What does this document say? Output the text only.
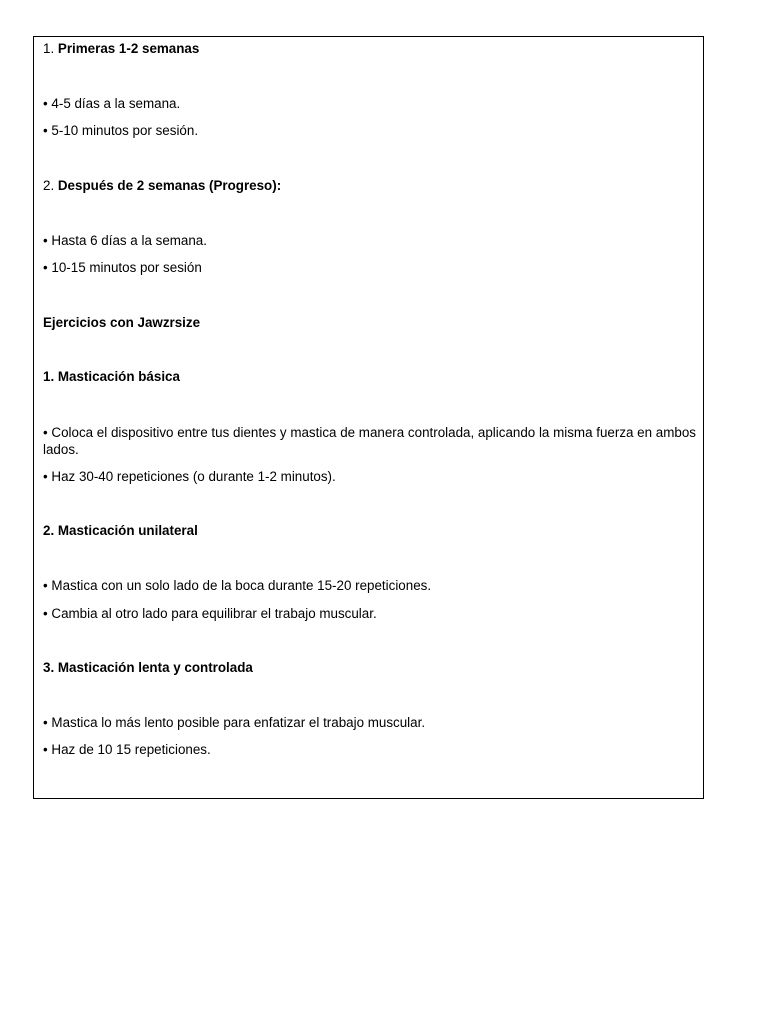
1. Primeras 1-2 semanas
• 4-5 días a la semana.
• 5-10 minutos por sesión.
2. Después de 2 semanas (Progreso):
• Hasta 6 días a la semana.
• 10-15 minutos por sesión
Ejercicios con Jawzrsize
1. Masticación básica
• Coloca el dispositivo entre tus dientes y mastica de manera controlada, aplicando la misma fuerza en ambos lados.
• Haz 30-40 repeticiones (o durante 1-2 minutos).
2. Masticación unilateral
• Mastica con un solo lado de la boca durante 15-20 repeticiones.
• Cambia al otro lado para equilibrar el trabajo muscular.
3. Masticación lenta y controlada
• Mastica lo más lento posible para enfatizar el trabajo muscular.
• Haz de 10 15 repeticiones.
